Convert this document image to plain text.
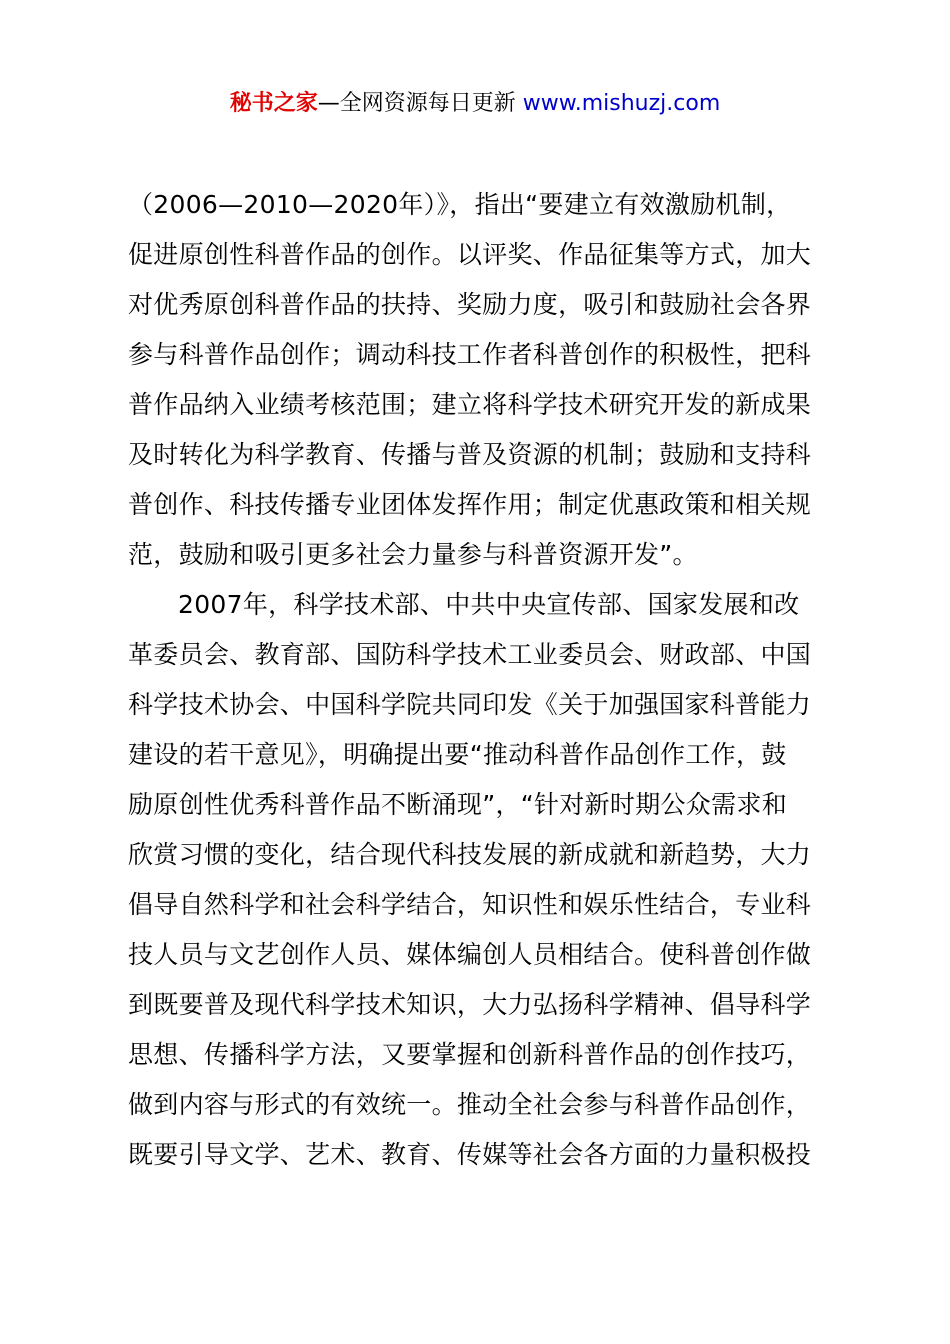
秘书之家—全网资源每日更新 www.mishuzj.com
（2006—2010—2020年）》，指出“要建立有效激励机制，
促进原创性科普作品的创作。以评奖、作品征集等方式，加大
对优秀原创科普作品的扶持、奖励力度，吸引和鼓励社会各界
参与科普作品创作；调动科技工作者科普创作的积极性，把科
普作品纳入业绩考核范围；建立将科学技术研究开发的新成果
及时转化为科学教育、传播与普及资源的机制；鼓励和支持科
普创作、科技传播专业团体发挥作用；制定优惠政策和相关规
范，鼓励和吸引更多社会力量参与科普资源开发”。
2007年，科学技术部、中共中央宣传部、国家发展和改
革委员会、教育部、国防科学技术工业委员会、财政部、中国
科学技术协会、中国科学院共同印发《关于加强国家科普能力
建设的若干意见》，明确提出要“推动科普作品创作工作，鼓
励原创性优秀科普作品不断涌现”，“针对新时期公众需求和
欣赏习惯的变化，结合现代科技发展的新成就和新趋势，大力
倡导自然科学和社会科学结合，知识性和娱乐性结合，专业科
技人员与文艺创作人员、媒体编创人员相结合。使科普创作做
到既要普及现代科学技术知识，大力弘扬科学精神、倡导科学
思想、传播科学方法，又要掌握和创新科普作品的创作技巧，
做到内容与形式的有效统一。推动全社会参与科普作品创作，
既要引导文学、艺术、教育、传媒等社会各方面的力量积极投
